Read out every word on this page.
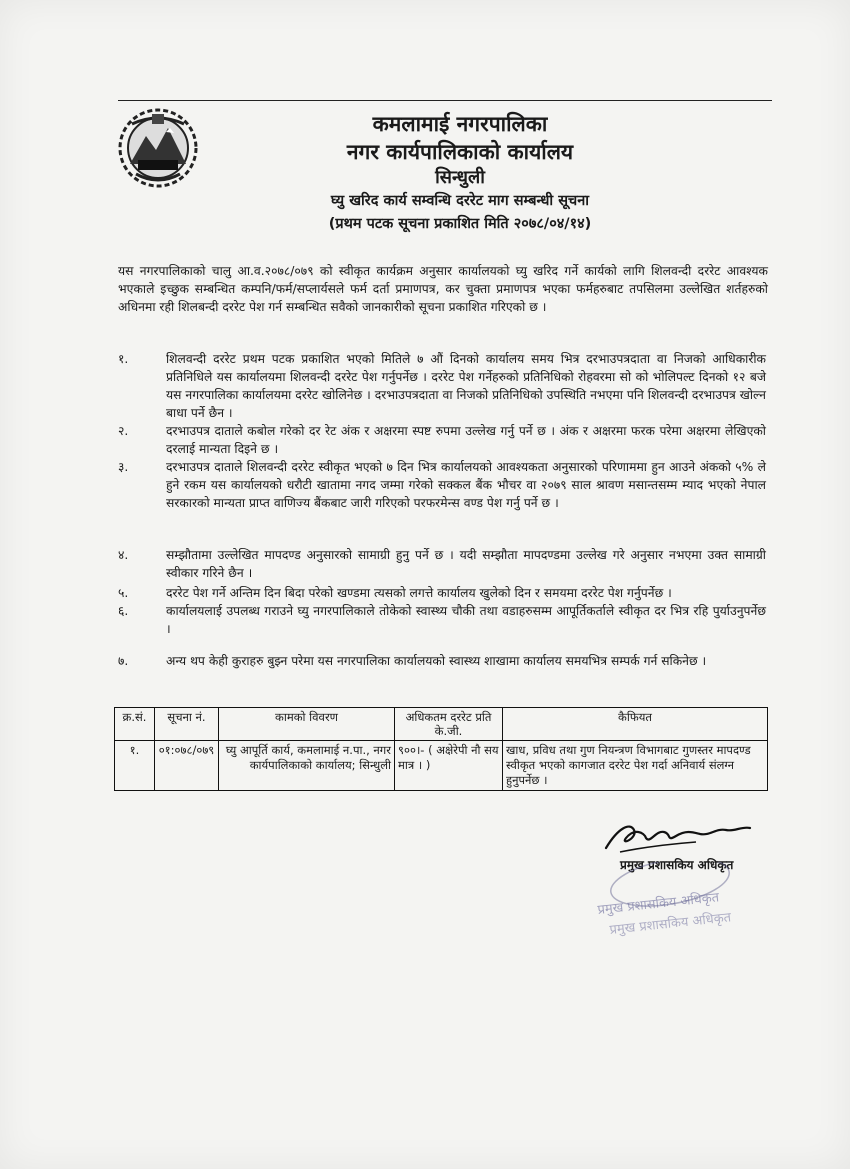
कमलामाई नगरपालिका
नगर कार्यपालिकाको कार्यालय
सिन्धुली
घ्यु खरिद कार्य सम्वन्धि दररेट माग सम्बन्धी सूचना
(प्रथम पटक सूचना प्रकाशित मिति २०७८/०४/१४)
यस नगरपालिकाको चालु आ.व.२०७८/०७९ को स्वीकृत कार्यक्रम अनुसार कार्यालयको घ्यु खरिद गर्ने कार्यको लागि शिलवन्दी दररेट आवश्यक भएकाले इच्छुक सम्बन्धित कम्पनि/फर्म/सप्लार्यसले फर्म दर्ता प्रमाणपत्र, कर चुक्ता प्रमाणपत्र भएका फर्महरुबाट तपसिलमा उल्लेखित शर्तहरुको अधिनमा रही शिलबन्दी दररेट पेश गर्न सम्बन्धित सवैको जानकारीको सूचना प्रकाशित गरिएको छ ।
१.	शिलवन्दी दररेट प्रथम पटक प्रकाशित भएको मितिले ७ औं दिनको कार्यालय समय भित्र दरभाउपत्रदाता वा निजको आधिकारीक प्रतिनिधिले यस कार्यालयमा शिलवन्दी दररेट पेश गर्नुपर्नेछ । दररेट पेश गर्नेहरुको प्रतिनिधिको रोहवरमा सो को भोलिपल्ट दिनको १२ बजे यस नगरपालिका कार्यालयमा दररेट खोलिनेछ । दरभाउपत्रदाता वा निजको प्रतिनिधिको उपस्थिति नभएमा पनि शिलवन्दी दरभाउपत्र खोल्न बाधा पर्ने छैन ।
२.	दरभाउपत्र दाताले कबोल गरेको दर रेट अंक र अक्षरमा स्पष्ट रुपमा उल्लेख गर्नु पर्ने छ । अंक र अक्षरमा फरक परेमा अक्षरमा लेखिएको दरलाई मान्यता दिइने छ ।
३.	दरभाउपत्र दाताले शिलवन्दी दररेट स्वीकृत भएको ७ दिन भित्र कार्यालयको आवश्यकता अनुसारको परिणाममा हुन आउने अंकको ५% ले हुने रकम यस कार्यालयको धरौटी खातामा नगद जम्मा गरेको सक्कल बैंक भौचर वा २०७९ साल श्रावण मसान्तसम्म म्याद भएको नेपाल सरकारको मान्यता प्राप्त वाणिज्य बैंकबाट जारी गरिएको परफरमेन्स वण्ड पेश गर्नु पर्ने छ ।
४.	सम्झौतामा उल्लेखित मापदण्ड अनुसारको सामाग्री हुनु पर्ने छ । यदी सम्झौता मापदण्डमा उल्लेख गरे अनुसार नभएमा उक्त सामाग्री स्वीकार गरिने छैन ।
५.	दररेट पेश गर्ने अन्तिम दिन बिदा परेको खण्डमा त्यसको लगत्ते कार्यालय खुलेको दिन र समयमा दररेट पेश गर्नुपर्नेछ ।
६.	कार्यालयलाई उपलब्ध गराउने घ्यु नगरपालिकाले तोकेको स्वास्थ्य चौकी तथा वडाहरुसम्म आपूर्तिकर्ताले स्वीकृत दर भित्र रहि पुर्याउनुपर्नेछ ।
७.	अन्य थप केही कुराहरु बुझ्न परेमा यस नगरपालिका कार्यालयको स्वास्थ्य शाखामा कार्यालय समयभित्र सम्पर्क गर्न सकिनेछ ।
क्र.सं.	सूचना नं.	कामको विवरण	अधिकतम दररेट प्रति के.जी.	कैफियत
१.	०१:०७८/०७९	घ्यु आपूर्ति कार्य, कमलामाई न.पा., नगर कार्यपालिकाको कार्यालय; सिन्धुली	९००।- ( अक्षेरेपी नौ सय मात्र । )	खाध, प्रविध तथा गुण नियन्त्रण विभागबाट गुणस्तर मापदण्ड स्वीकृत भएको कागजात दररेट पेश गर्दा अनिवार्य संलग्न हुनुपर्नेछ ।
प्रमुख प्रशासकिय अधिकृत
प्रमुख प्रशासकिय अधिकृत
प्रमुख प्रशासकिय अधिकृत
